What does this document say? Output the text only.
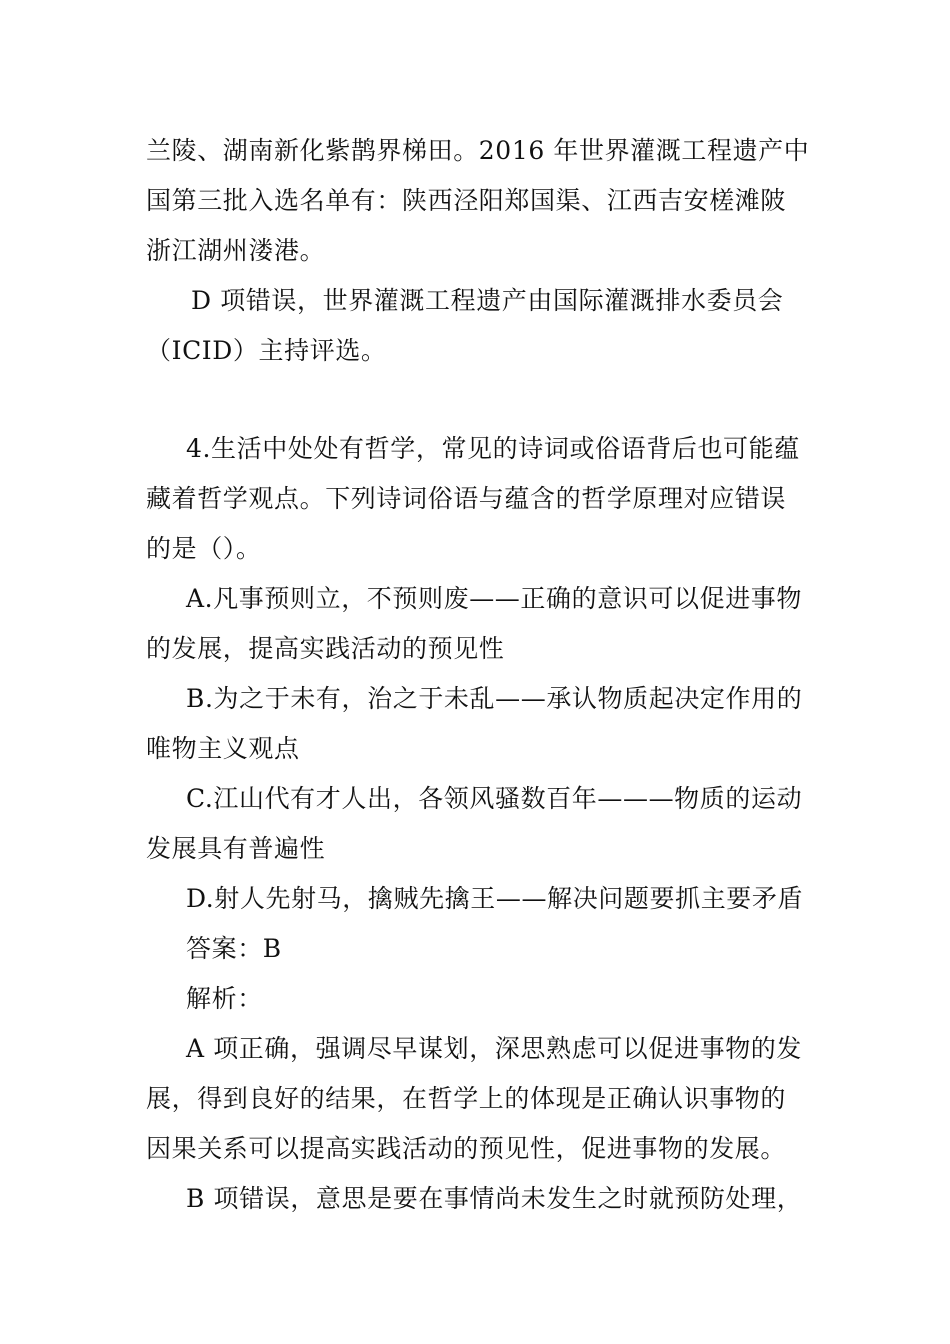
兰陵、湖南新化紫鹊界梯田。2016 年世界灌溉工程遗产中
国第三批入选名单有：陕西泾阳郑国渠、江西吉安槎滩陂
浙江湖州溇港。
D 项错误，世界灌溉工程遗产由国际灌溉排水委员会
（ICID）主持评选。
4.生活中处处有哲学，常见的诗词或俗语背后也可能蕴
藏着哲学观点。下列诗词俗语与蕴含的哲学原理对应错误
的是（）。
A.凡事预则立，不预则废——正确的意识可以促进事物
的发展，提高实践活动的预见性
B.为之于未有，治之于未乱——承认物质起决定作用的
唯物主义观点
C.江山代有才人出，各领风骚数百年———物质的运动
发展具有普遍性
D.射人先射马，擒贼先擒王——解决问题要抓主要矛盾
答案：B
解析：
A 项正确，强调尽早谋划，深思熟虑可以促进事物的发
展，得到良好的结果，在哲学上的体现是正确认识事物的
因果关系可以提高实践活动的预见性，促进事物的发展。
B 项错误，意思是要在事情尚未发生之时就预防处理，
